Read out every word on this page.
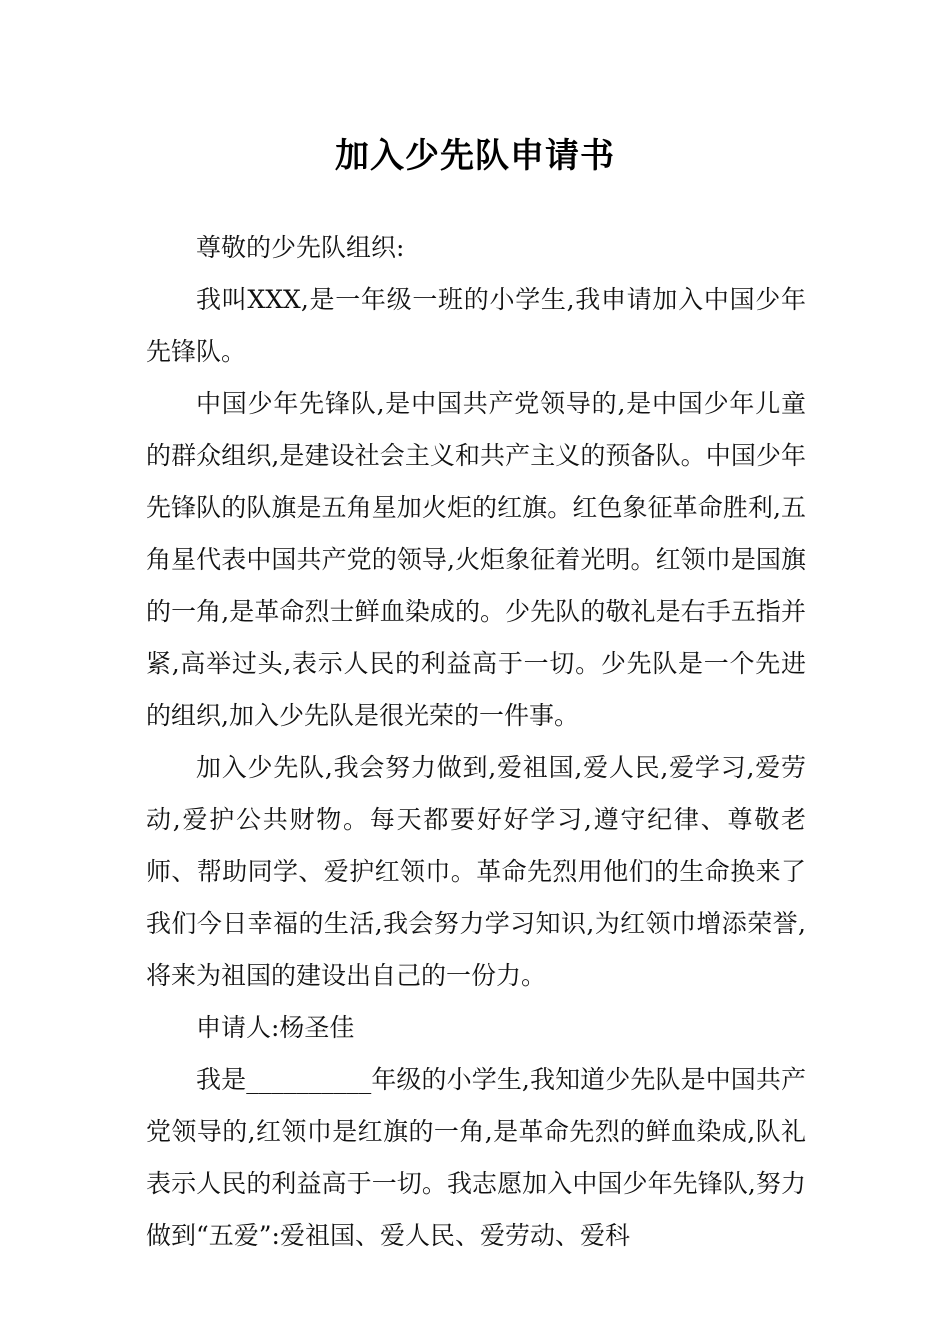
加入少先队申请书

尊敬的少先队组织:

我叫XXX,是一年级一班的小学生,我申请加入中国少年先锋队。

中国少年先锋队,是中国共产党领导的,是中国少年儿童的群众组织,是建设社会主义和共产主义的预备队。中国少年先锋队的队旗是五角星加火炬的红旗。红色象征革命胜利,五角星代表中国共产党的领导,火炬象征着光明。红领巾是国旗的一角,是革命烈士鲜血染成的。少先队的敬礼是右手五指并紧,高举过头,表示人民的利益高于一切。少先队是一个先进的组织,加入少先队是很光荣的一件事。

加入少先队,我会努力做到,爱祖国,爱人民,爱学习,爱劳动,爱护公共财物。每天都要好好学习,遵守纪律、尊敬老师、帮助同学、爱护红领巾。革命先烈用他们的生命换来了我们今日幸福的生活,我会努力学习知识,为红领巾增添荣誉,将来为祖国的建设出自己的一份力。

申请人:杨圣佳

我是__________年级的小学生,我知道少先队是中国共产党领导的,红领巾是红旗的一角,是革命先烈的鲜血染成,队礼表示人民的利益高于一切。我志愿加入中国少年先锋队,努力做到“五爱”:爱祖国、爱人民、爱劳动、爱科
